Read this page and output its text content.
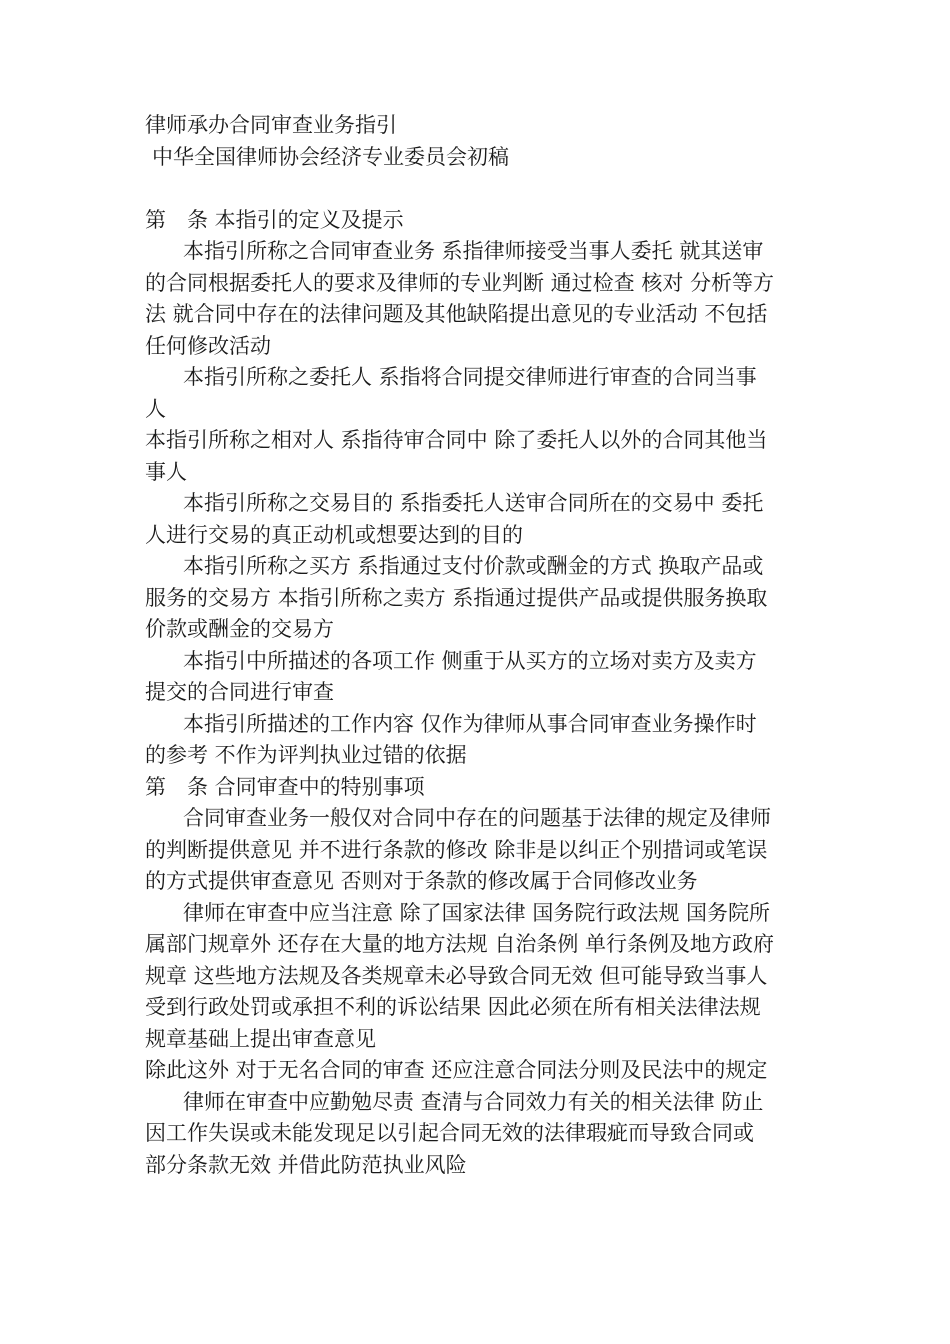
律师承办合同审查业务指引
中华全国律师协会经济专业委员会初稿
第　条 本指引的定义及提示
本指引所称之合同审查业务 系指律师接受当事人委托 就其送审
的合同根据委托人的要求及律师的专业判断 通过检查 核对 分析等方
法 就合同中存在的法律问题及其他缺陷提出意见的专业活动 不包括
任何修改活动
本指引所称之委托人 系指将合同提交律师进行审查的合同当事
人
本指引所称之相对人 系指待审合同中 除了委托人以外的合同其他当
事人
本指引所称之交易目的 系指委托人送审合同所在的交易中 委托
人进行交易的真正动机或想要达到的目的
本指引所称之买方 系指通过支付价款或酬金的方式 换取产品或
服务的交易方 本指引所称之卖方 系指通过提供产品或提供服务换取
价款或酬金的交易方
本指引中所描述的各项工作 侧重于从买方的立场对卖方及卖方
提交的合同进行审查
本指引所描述的工作内容 仅作为律师从事合同审查业务操作时
的参考 不作为评判执业过错的依据
第　条 合同审查中的特别事项
合同审查业务一般仅对合同中存在的问题基于法律的规定及律师
的判断提供意见 并不进行条款的修改 除非是以纠正个别措词或笔误
的方式提供审查意见 否则对于条款的修改属于合同修改业务
律师在审查中应当注意 除了国家法律 国务院行政法规 国务院所
属部门规章外 还存在大量的地方法规 自治条例 单行条例及地方政府
规章 这些地方法规及各类规章未必导致合同无效 但可能导致当事人
受到行政处罚或承担不利的诉讼结果 因此必须在所有相关法律法规
规章基础上提出审查意见
除此这外 对于无名合同的审查 还应注意合同法分则及民法中的规定
律师在审查中应勤勉尽责 查清与合同效力有关的相关法律 防止
因工作失误或未能发现足以引起合同无效的法律瑕疵而导致合同或
部分条款无效 并借此防范执业风险
